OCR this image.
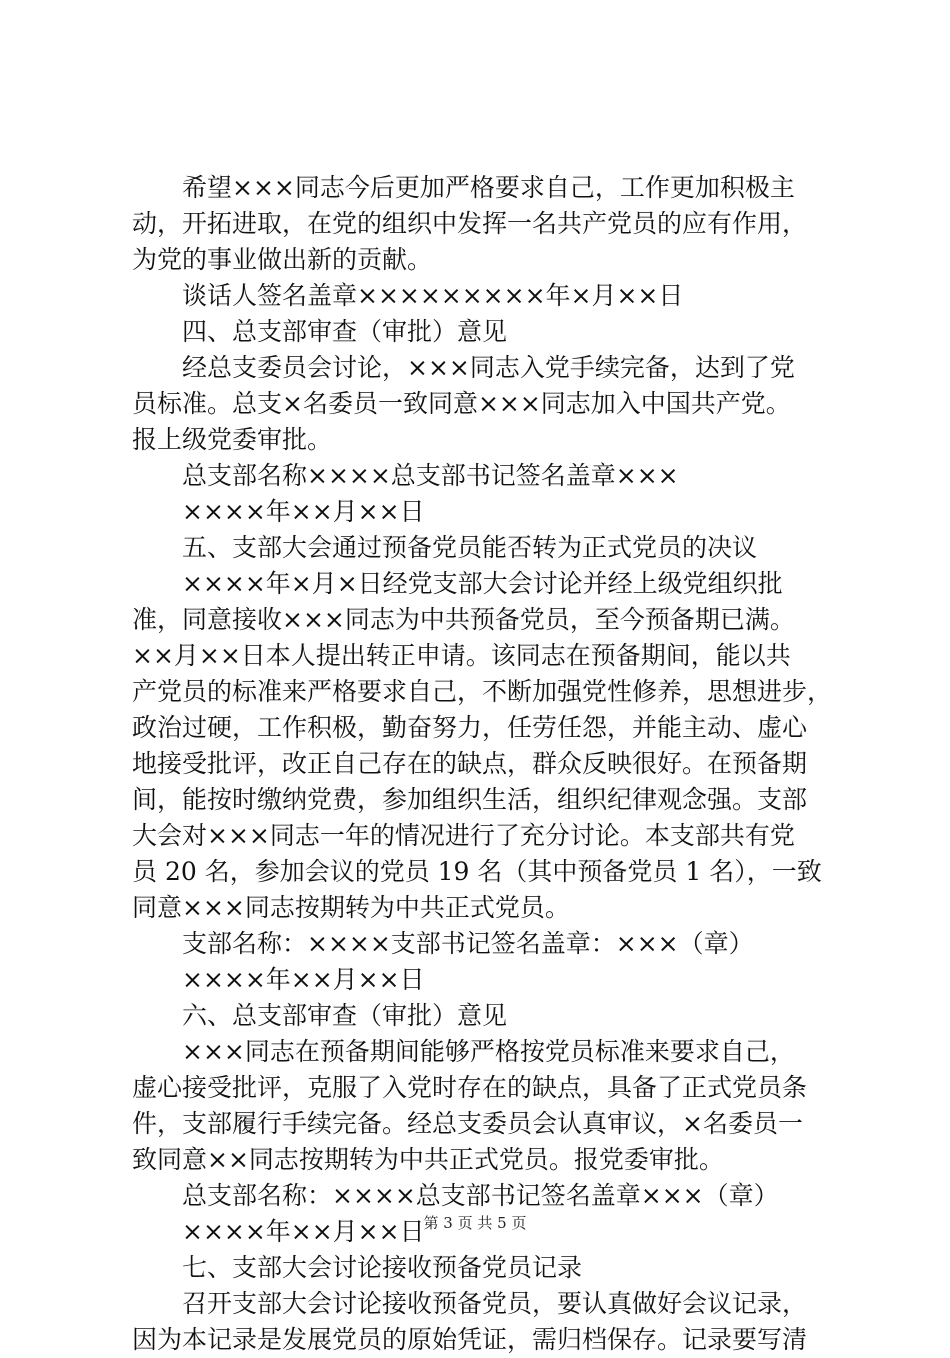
希望×××同志今后更加严格要求自己，工作更加积极主
动，开拓进取，在党的组织中发挥一名共产党员的应有作用，
为党的事业做出新的贡献。
谈话人签名盖章×××××××××年×月××日
四、总支部审查（审批）意见
经总支委员会讨论，×××同志入党手续完备，达到了党
员标准。总支×名委员一致同意×××同志加入中国共产党。
报上级党委审批。
总支部名称××××总支部书记签名盖章×××
××××年××月××日
五、支部大会通过预备党员能否转为正式党员的决议
××××年×月×日经党支部大会讨论并经上级党组织批
准，同意接收×××同志为中共预备党员，至今预备期已满。
××月××日本人提出转正申请。该同志在预备期间，能以共
产党员的标准来严格要求自己，不断加强党性修养，思想进步，
政治过硬，工作积极，勤奋努力，任劳任怨，并能主动、虚心
地接受批评，改正自己存在的缺点，群众反映很好。在预备期
间，能按时缴纳党费，参加组织生活，组织纪律观念强。支部
大会对×××同志一年的情况进行了充分讨论。本支部共有党
员 20 名，参加会议的党员 19 名（其中预备党员 1 名），一致
同意×××同志按期转为中共正式党员。
支部名称：××××支部书记签名盖章：×××（章）
××××年××月××日
六、总支部审查（审批）意见
×××同志在预备期间能够严格按党员标准来要求自己，
虚心接受批评，克服了入党时存在的缺点，具备了正式党员条
件，支部履行手续完备。经总支委员会认真审议，×名委员一
致同意××同志按期转为中共正式党员。报党委审批。
总支部名称：××××总支部书记签名盖章×××（章）
××××年××月××日
七、支部大会讨论接收预备党员记录
召开支部大会讨论接收预备党员，要认真做好会议记录，
因为本记录是发展党员的原始凭证，需归档保存。记录要写清
第 3 页 共 5 页
